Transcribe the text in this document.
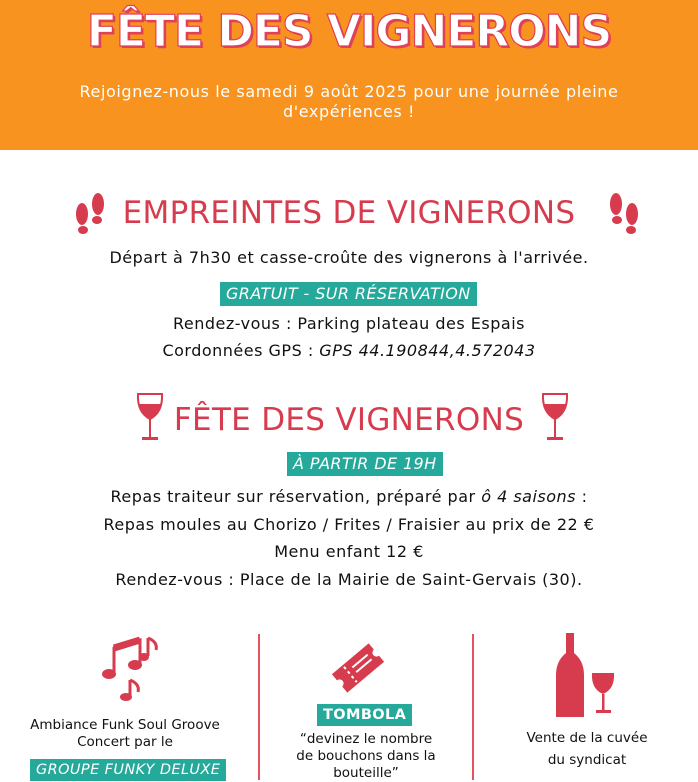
FÊTE DES VIGNERONS
Rejoignez-nous le samedi 9 août 2025 pour une journée pleine d'expériences !
EMPREINTES DE VIGNERONS
Départ à 7h30 et casse-croûte des vignerons à l'arrivée.
GRATUIT - SUR RÉSERVATION
Rendez-vous : Parking plateau des Espais
Cordonnées GPS : GPS 44.190844,4.572043
FÊTE DES VIGNERONS
À PARTIR DE 19H
Repas traiteur sur réservation, préparé par ô 4 saisons :
Repas moules au Chorizo / Frites / Fraisier au prix de 22 €
Menu enfant 12 €
Rendez-vous : Place de la Mairie de Saint-Gervais (30).
Ambiance Funk Soul Groove
Concert par le
GROUPE FUNKY DELUXE
TOMBOLA
“devinez le nombre
de bouchons dans la
bouteille”
Vente de la cuvée
du syndicat
